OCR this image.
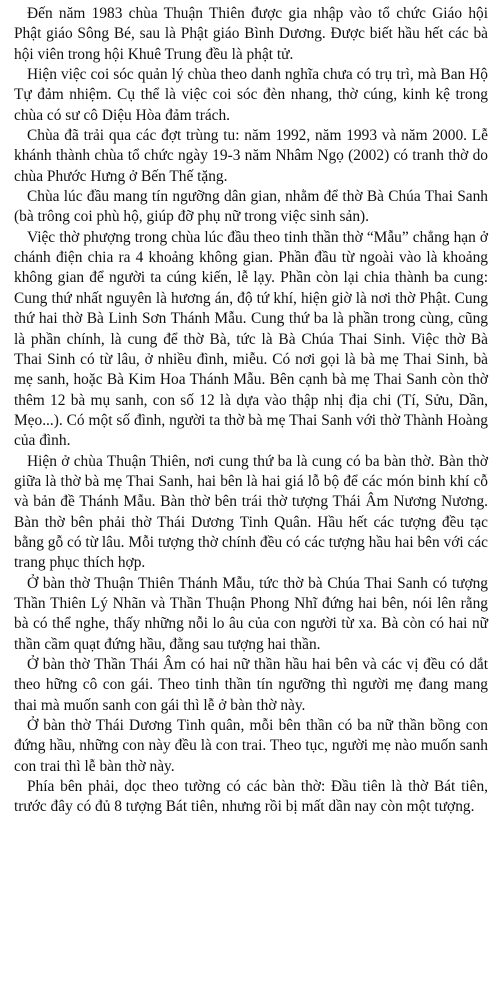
Đến năm 1983 chùa Thuận Thiên được gia nhập vào tổ chức Giáo hội Phật giáo Sông Bé, sau là Phật giáo Bình Dương. Được biết hầu hết các bà hội viên trong hội Khuê Trung đều là phật tử.

Hiện việc coi sóc quản lý chùa theo danh nghĩa chưa có trụ trì, mà Ban Hộ Tự đảm nhiệm. Cụ thể là việc coi sóc đèn nhang, thờ cúng, kinh kệ trong chùa có sư cô Diệu Hòa đảm trách.

Chùa đã trải qua các đợt trùng tu: năm 1992, năm 1993 và năm 2000. Lễ khánh thành chùa tổ chức ngày 19-3 năm Nhâm Ngọ (2002) có tranh thờ do chùa Phước Hưng ở Bến Thế tặng.

Chùa lúc đầu mang tín ngưỡng dân gian, nhằm để thờ Bà Chúa Thai Sanh (bà trông coi phù hộ, giúp đỡ phụ nữ trong việc sinh sản).

Việc thờ phượng trong chùa lúc đầu theo tinh thần thờ “Mẫu” chẳng hạn ở chánh điện chia ra 4 khoảng không gian. Phần đầu từ ngoài vào là khoảng không gian để người ta cúng kiến, lễ lạy. Phần còn lại chia thành ba cung: Cung thứ nhất nguyên là hương án, độ tứ khí, hiện giờ là nơi thờ Phật. Cung thứ hai thờ Bà Linh Sơn Thánh Mẫu. Cung thứ ba là phần trong cùng, cũng là phần chính, là cung để thờ Bà, tức là Bà Chúa Thai Sinh. Việc thờ Bà Thai Sinh có từ lâu, ở nhiều đình, miễu. Có nơi gọi là bà mẹ Thai Sinh, bà mẹ sanh, hoặc Bà Kim Hoa Thánh Mẫu. Bên cạnh bà mẹ Thai Sanh còn thờ thêm 12 bà mụ sanh, con số 12 là dựa vào thập nhị địa chi (Tí, Sửu, Dần, Mẹo...). Có một số đình, người ta thờ bà mẹ Thai Sanh với thờ Thành Hoàng của đình.

Hiện ở chùa Thuận Thiên, nơi cung thứ ba là cung có ba bàn thờ. Bàn thờ giữa là thờ bà mẹ Thai Sanh, hai bên là hai giá lỗ bộ để các món binh khí cỗ và bản đề Thánh Mẫu. Bàn thờ bên trái thờ tượng Thái Âm Nương Nương. Bàn thờ bên phải thờ Thái Dương Tinh Quân. Hầu hết các tượng đều tạc bằng gỗ có từ lâu. Mỗi tượng thờ chính đều có các tượng hầu hai bên với các trang phục thích hợp.

Ở bàn thờ Thuận Thiên Thánh Mẫu, tức thờ bà Chúa Thai Sanh có tượng Thần Thiên Lý Nhãn và Thần Thuận Phong Nhĩ đứng hai bên, nói lên rằng bà có thể nghe, thấy những nỗi lo âu của con người từ xa. Bà còn có hai nữ thần cầm quạt đứng hầu, đằng sau tượng hai thần.

Ở bàn thờ Thần Thái Âm có hai nữ thần hầu hai bên và các vị đều có dắt theo hững cô con gái. Theo tinh thần tín ngưỡng thì người mẹ đang mang thai mà muốn sanh con gái thì lễ ở bàn thờ này.

Ở bàn thờ Thái Dương Tinh quân, mỗi bên thần có ba nữ thần bồng con đứng hầu, những con này đều là con trai. Theo tục, người mẹ nào muốn sanh con trai thì lễ bàn thờ này.

Phía bên phải, dọc theo tường có các bàn thờ: Đầu tiên là thờ Bát tiên, trước đây có đủ 8 tượng Bát tiên, nhưng rồi bị mất dần nay còn một tượng.
